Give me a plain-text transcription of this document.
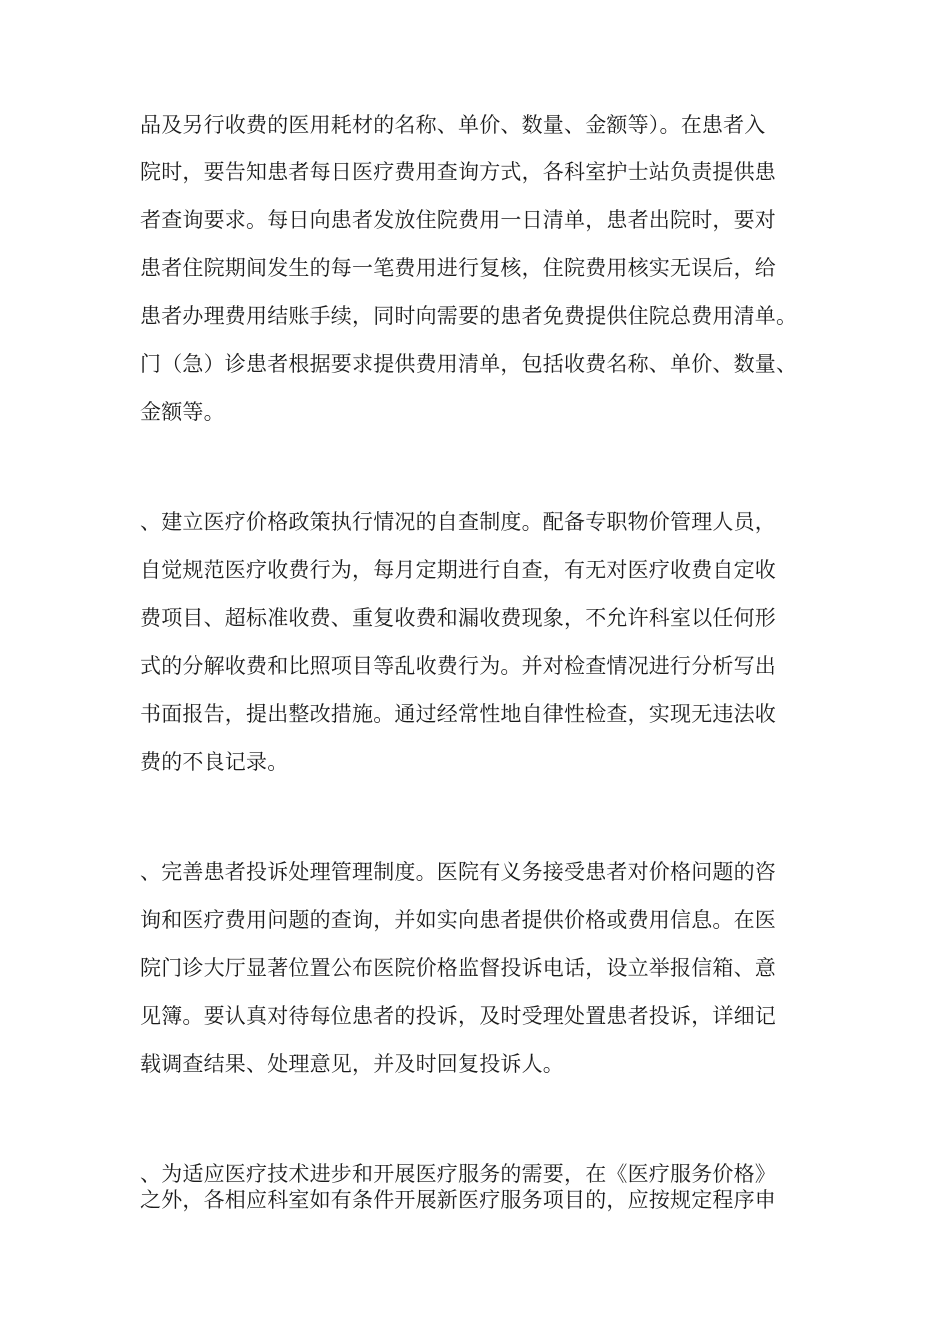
品及另行收费的医用耗材的名称、单价、数量、金额等）。在患者入
院时，要告知患者每日医疗费用查询方式，各科室护士站负责提供患
者查询要求。每日向患者发放住院费用一日清单，患者出院时，要对
患者住院期间发生的每一笔费用进行复核，住院费用核实无误后，给
患者办理费用结账手续，同时向需要的患者免费提供住院总费用清单。
门（急）诊患者根据要求提供费用清单，包括收费名称、单价、数量、
金额等。
、建立医疗价格政策执行情况的自查制度。配备专职物价管理人员，
自觉规范医疗收费行为，每月定期进行自查，有无对医疗收费自定收
费项目、超标准收费、重复收费和漏收费现象，不允许科室以任何形
式的分解收费和比照项目等乱收费行为。并对检查情况进行分析写出
书面报告，提出整改措施。通过经常性地自律性检查，实现无违法收
费的不良记录。
、完善患者投诉处理管理制度。医院有义务接受患者对价格问题的咨
询和医疗费用问题的查询，并如实向患者提供价格或费用信息。在医
院门诊大厅显著位置公布医院价格监督投诉电话，设立举报信箱、意
见簿。要认真对待每位患者的投诉，及时受理处置患者投诉，详细记
载调查结果、处理意见，并及时回复投诉人。
、为适应医疗技术进步和开展医疗服务的需要，在《医疗服务价格》
之外，各相应科室如有条件开展新医疗服务项目的，应按规定程序申
